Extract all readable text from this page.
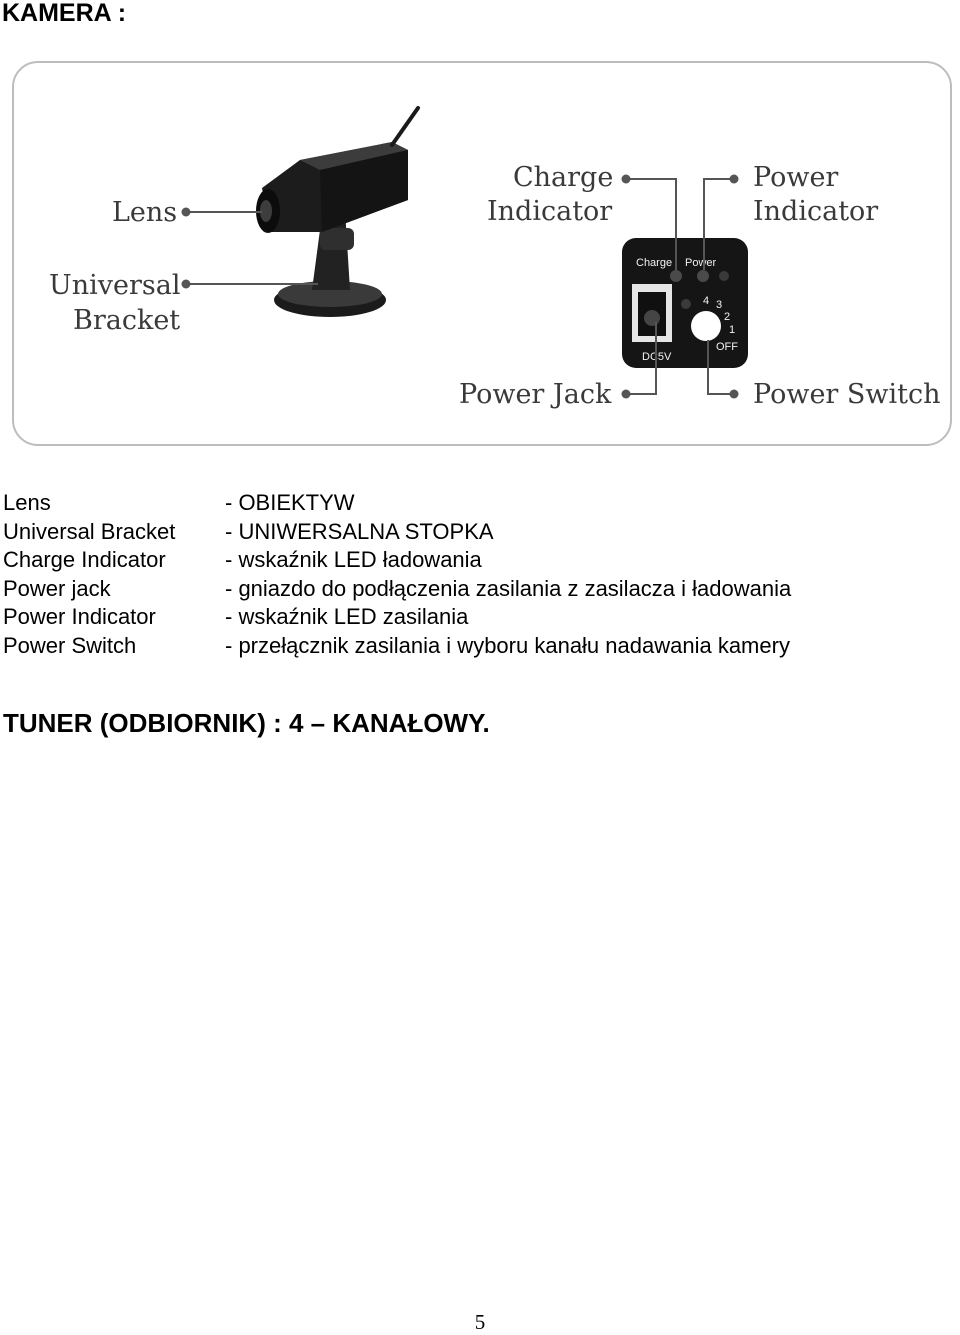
KAMERA :
Charge Power
4 3
2
1
OFF
DC5V
Lens
Universal
Bracket
Charge
Indicator
Power
Indicator
Power Jack	Power Switch
Lens	- OBIEKTYW
Universal Bracket	- UNIWERSALNA STOPKA
Charge Indicator	- wskaźnik LED ładowania
Power jack	- gniazdo do podłączenia zasilania z zasilacza i ładowania
Power Indicator	- wskaźnik LED zasilania
Power Switch	- przełącznik zasilania i wyboru kanału nadawania kamery
TUNER (ODBIORNIK) : 4 – KANAŁOWY.
5
